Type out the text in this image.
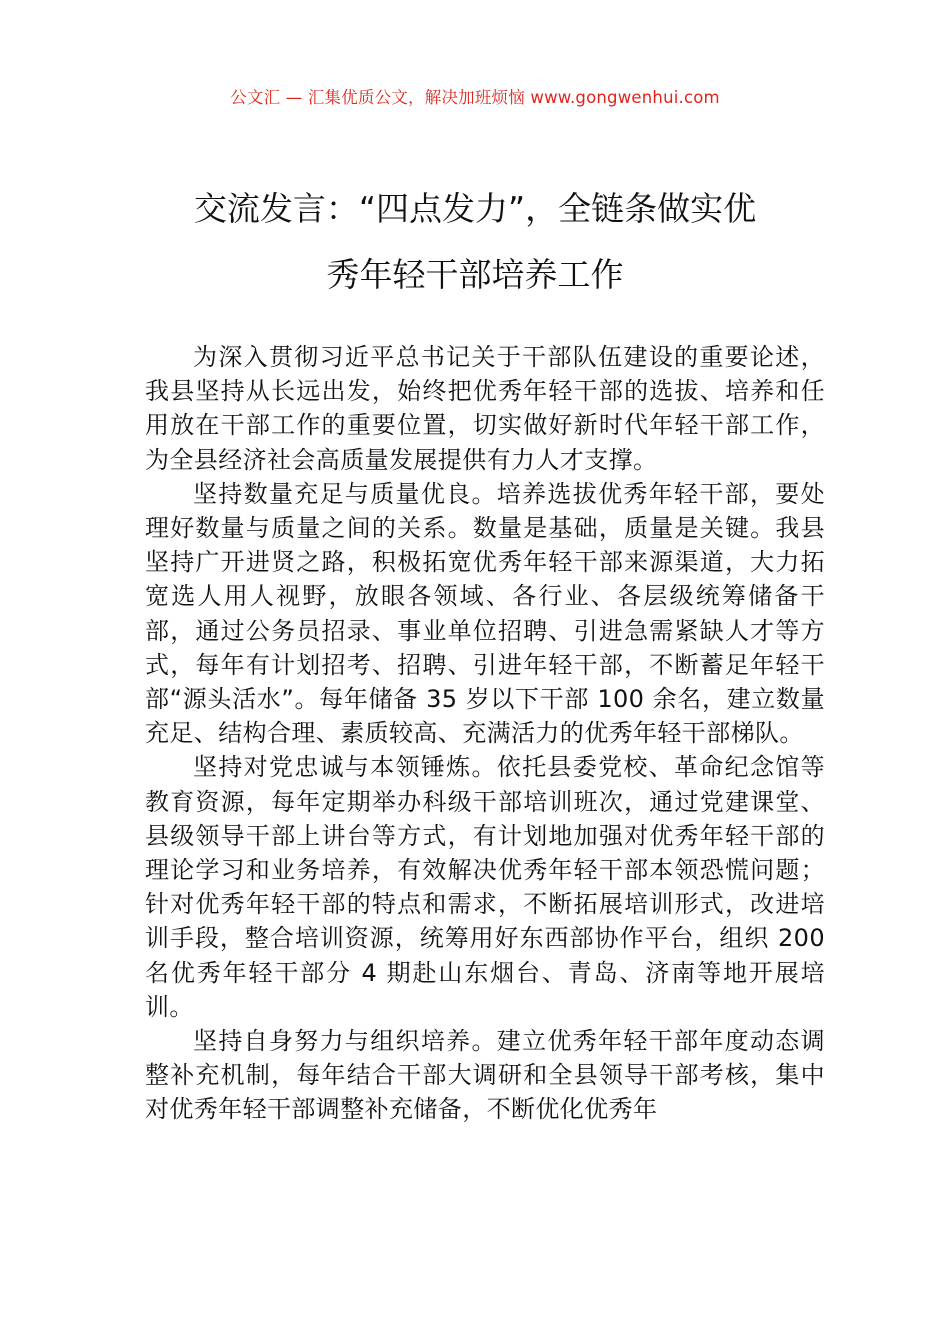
公文汇 — 汇集优质公文，解决加班烦恼 www.gongwenhui.com
交流发言：“四点发力”，全链条做实优
秀年轻干部培养工作

为深入贯彻习近平总书记关于干部队伍建设的重要论述，我县坚持从长远出发，始终把优秀年轻干部的选拔、培养和任用放在干部工作的重要位置，切实做好新时代年轻干部工作，为全县经济社会高质量发展提供有力人才支撑。

坚持数量充足与质量优良。培养选拔优秀年轻干部，要处理好数量与质量之间的关系。数量是基础，质量是关键。我县坚持广开进贤之路，积极拓宽优秀年轻干部来源渠道，大力拓宽选人用人视野，放眼各领域、各行业、各层级统筹储备干部，通过公务员招录、事业单位招聘、引进急需紧缺人才等方式，每年有计划招考、招聘、引进年轻干部，不断蓄足年轻干部“源头活水”。每年储备 35 岁以下干部 100 余名，建立数量充足、结构合理、素质较高、充满活力的优秀年轻干部梯队。

坚持对党忠诚与本领锤炼。依托县委党校、革命纪念馆等教育资源，每年定期举办科级干部培训班次，通过党建课堂、县级领导干部上讲台等方式，有计划地加强对优秀年轻干部的理论学习和业务培养，有效解决优秀年轻干部本领恐慌问题；针对优秀年轻干部的特点和需求，不断拓展培训形式，改进培训手段，整合培训资源，统筹用好东西部协作平台，组织 200 名优秀年轻干部分 4 期赴山东烟台、青岛、济南等地开展培训。

坚持自身努力与组织培养。建立优秀年轻干部年度动态调整补充机制，每年结合干部大调研和全县领导干部考核，集中对优秀年轻干部调整补充储备，不断优化优秀年
